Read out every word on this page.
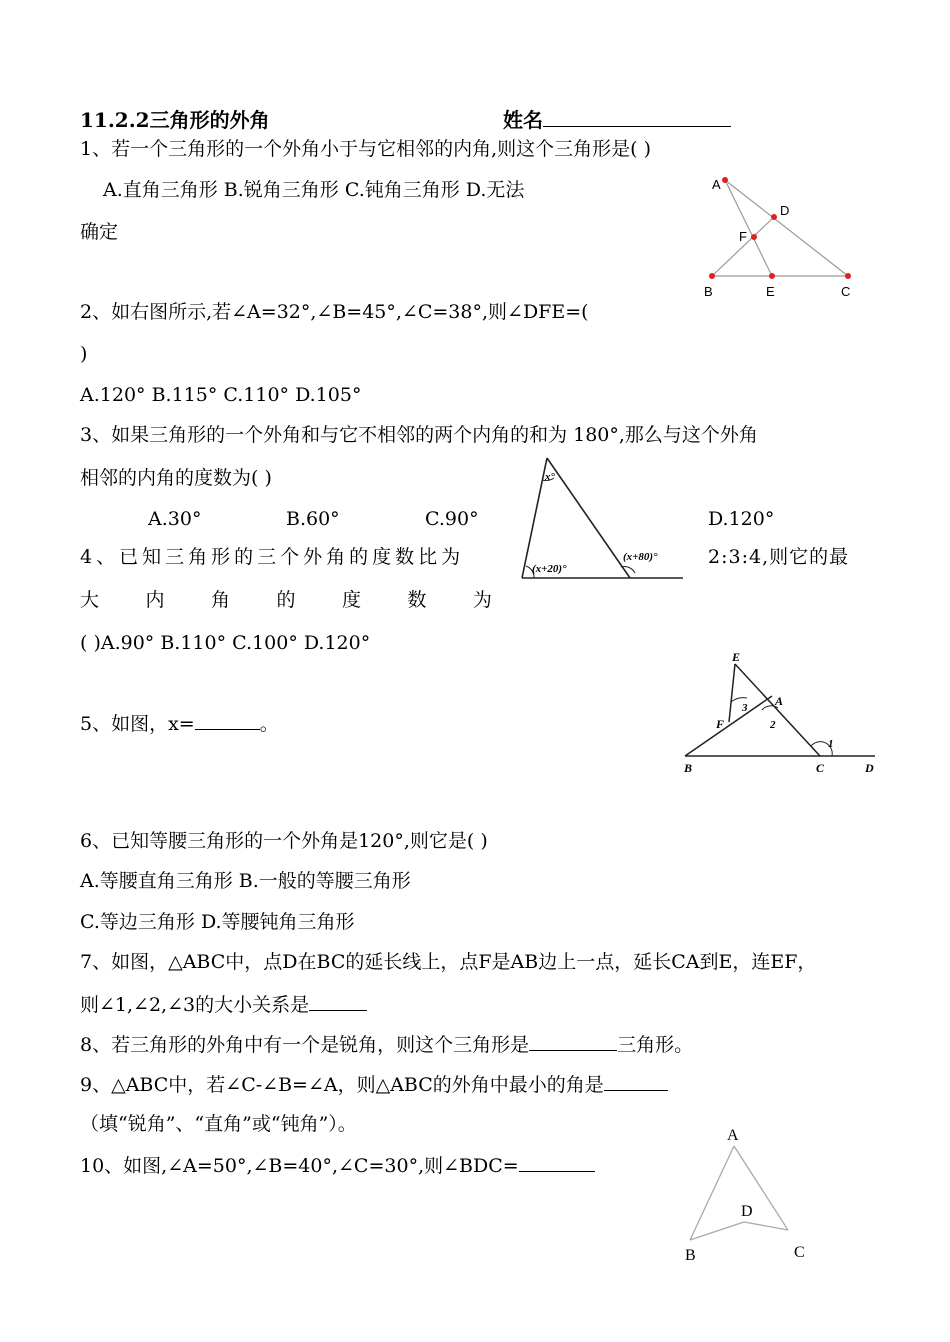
11.2.2三角形的外角	姓名
1、若一个三角形的一个外角小于与它相邻的内角,则这个三角形是( )
A.直角三角形 B.锐角三角形 C.钝角三角形 D.无法
确定
A
D
F
B	E	C
2、如右图所示,若∠A=32°,∠B=45°,∠C=38°,则∠DFE=(
)
A.120° B.115° C.110° D.105°
3、如果三角形的一个外角和与它不相邻的两个内角的和为 180°,那么与这个外角
相邻的内角的度数为( )
A.30°	B.60°	C.90°	D.120°
x°
(x+20)°
(x+80)°
4、已知三角形的三个外角的度数比为	2:3:4,则它的最
大 内 角 的 度 数 为
( )A.90° B.110° C.100° D.120°
E
A
F
B	C	D
3
2
1
5、如图，x=	。
6、已知等腰三角形的一个外角是120°,则它是( )
A.等腰直角三角形 B.一般的等腰三角形
C.等边三角形 D.等腰钝角三角形
7、如图，△ABC中，点D在BC的延长线上，点F是AB边上一点，延长CA到E，连EF，
则∠1,∠2,∠3的大小关系是
8、若三角形的外角中有一个是锐角，则这个三角形是	三角形。
9、△ABC中，若∠C-∠B=∠A，则△ABC的外角中最小的角是
（填“锐角”、“直角”或“钝角”）。
10、如图,∠A=50°,∠B=40°,∠C=30°,则∠BDC=
A
D
B	C
